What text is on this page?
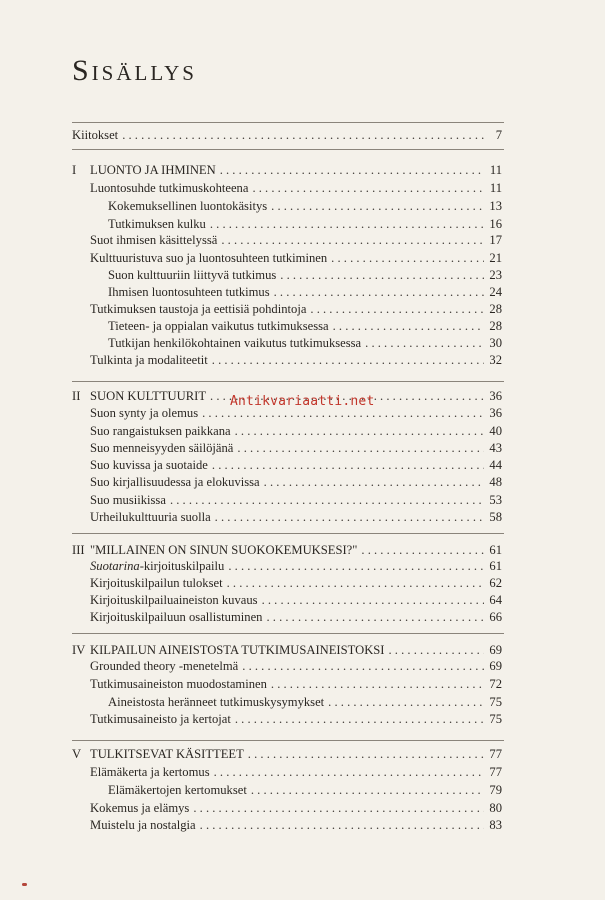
Sisällys
Kiitokset . . .	7
I	LUONTO JA IHMINEN . . .	11
Luontosuhde tutkimuskohteena . . .	11
Kokemuksellinen luontokäsitys . . .	13
Tutkimuksen kulku . . .	16
Suot ihmisen käsittelyssä . . .	17
Kulttuuristuva suo ja luontosuhteen tutkiminen . . .	21
Suon kulttuuriin liittyvä tutkimus . . .	23
Ihmisen luontosuhteen tutkimus . . .	24
Tutkimuksen taustoja ja eettisiä pohdintoja . . .	28
Tieteen- ja oppialan vaikutus tutkimuksessa . . .	28
Tutkijan henkilökohtainen vaikutus tutkimuksessa . . .	30
Tulkinta ja modaliteetit . . .	32
II SUON KULTTUURIT . . .	36
Suon synty ja olemus . . .	36
Suo rangaistuksen paikkana . . .	40
Suo menneisyyden säilöjänä . . .	43
Suo kuvissa ja suotaide . . .	44
Suo kirjallisuudessa ja elokuvissa . . .	48
Suo musiikissa . . .	53
Urheilukulttuuria suolla . . .	58
III "MILLAINEN ON SINUN SUOKOKEMUKSESI?" . . .	61
Suotarina-kirjoituskilpailu . . .	61
Kirjoituskilpailun tulokset . . .	62
Kirjoituskilpailuaineiston kuvaus . . .	64
Kirjoituskilpailuun osallistuminen . . .	66
IV KILPAILUN AINEISTOSTA TUTKIMUSAINEISTOKSI . . .	69
Grounded theory -menetelmä . . .	69
Tutkimusaineiston muodostaminen . . .	72
Aineistosta heränneet tutkimuskysymykset . . .	75
Tutkimusaineisto ja kertojat . . .	75
V TULKITSEVAT KÄSITTEET . . .	77
Elämäkerta ja kertomus . . .	77
Elämäkertojen kertomukset . . .	79
Kokemus ja elämys . . .	80
Muistelu ja nostalgia . . .	83
Antikvariaatti.net
